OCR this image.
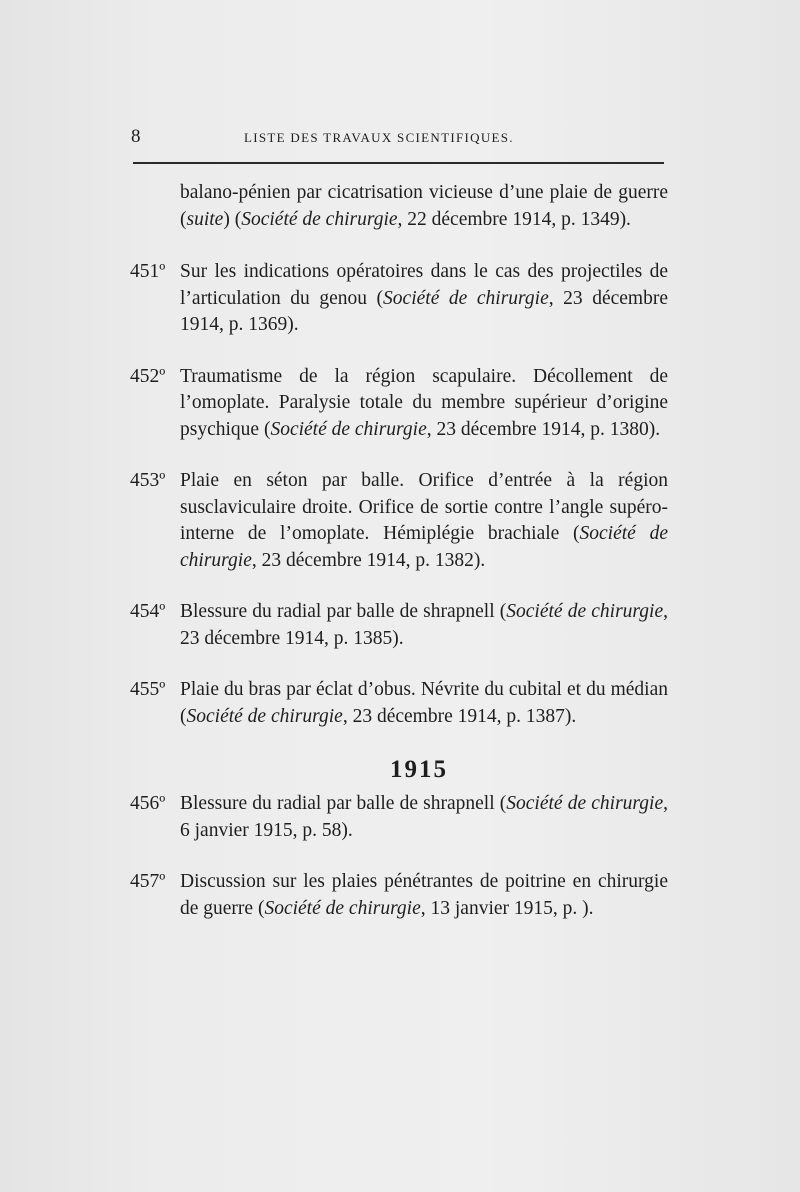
8	LISTE DES TRAVAUX SCIENTIFIQUES.

balano-pénien par cicatrisation vicieuse d’une plaie de guerre (suite) (Société de chirurgie, 22 décembre 1914, p. 1349).

451º Sur les indications opératoires dans le cas des projectiles de l’articulation du genou (Société de chirurgie, 23 décembre 1914, p. 1369).

452º Traumatisme de la région scapulaire. Décollement de l’omoplate. Paralysie totale du membre supérieur d’origine psychique (Société de chirurgie, 23 décembre 1914, p. 1380).

453º Plaie en séton par balle. Orifice d’entrée à la région susclaviculaire droite. Orifice de sortie contre l’angle supéro-interne de l’omoplate. Hémiplégie brachiale (Société de chirurgie, 23 décembre 1914, p. 1382).

454º Blessure du radial par balle de shrapnell (Société de chirurgie, 23 décembre 1914, p. 1385).

455º Plaie du bras par éclat d’obus. Névrite du cubital et du médian (Société de chirurgie, 23 décembre 1914, p. 1387).

1915

456º Blessure du radial par balle de shrapnell (Société de chirurgie, 6 janvier 1915, p. 58).

457º Discussion sur les plaies pénétrantes de poitrine en chirurgie de guerre (Société de chirurgie, 13 janvier 1915, p. ).
